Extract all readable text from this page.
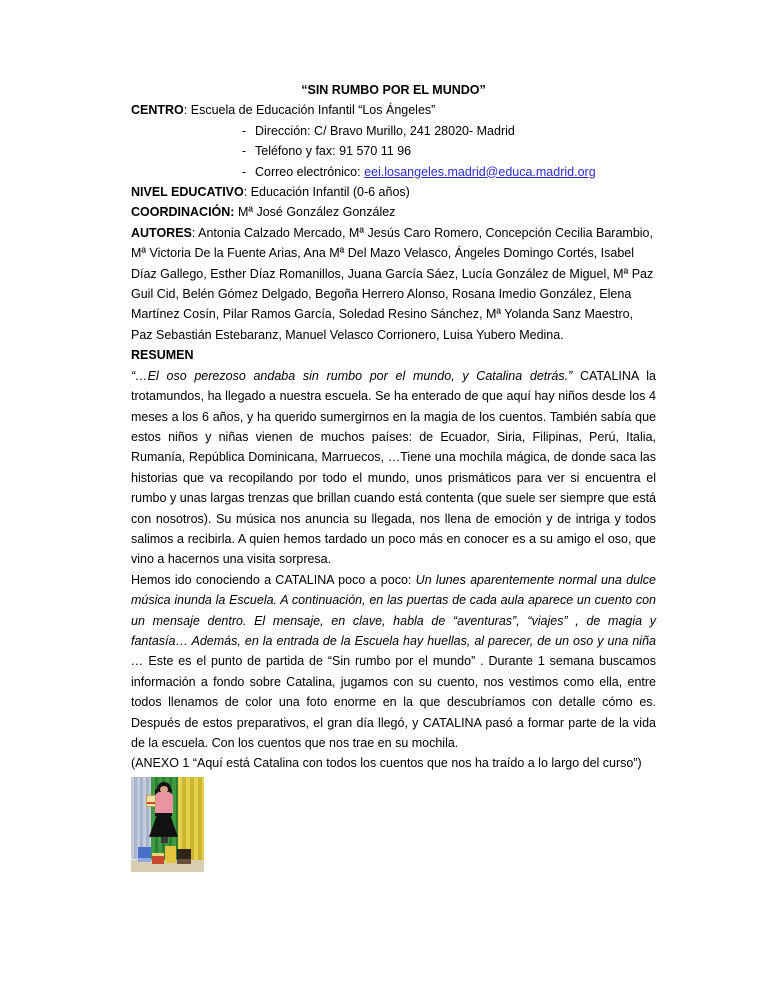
“SIN RUMBO POR EL MUNDO”

CENTRO: Escuela de Educación Infantil “Los Ángeles”

- Dirección: C/ Bravo Murillo, 241 28020- Madrid
- Teléfono y fax: 91 570 11 96
- Correo electrónico: eei.losangeles.madrid@educa.madrid.org

NIVEL EDUCATIVO: Educación Infantil (0-6 años)

COORDINACIÓN: Mª José González González

AUTORES: Antonia Calzado Mercado, Mª Jesús Caro Romero, Concepción Cecilia Barambio, Mª Victoria De la Fuente Arias, Ana Mª Del Mazo Velasco, Ángeles Domingo Cortés, Isabel Díaz Gallego, Esther Díaz Romanillos, Juana García Sáez, Lucía González de Miguel, Mª Paz Guil Cid, Belén Gómez Delgado, Begoña Herrero Alonso, Rosana Imedio González, Elena Martínez Cosín, Pilar Ramos García, Soledad Resino Sánchez, Mª Yolanda Sanz Maestro, Paz Sebastián Estebaranz, Manuel Velasco Corrionero, Luisa Yubero Medina.

RESUMEN

“…El oso perezoso andaba sin rumbo por el mundo, y Catalina detrás.” CATALINA la trotamundos, ha llegado a nuestra escuela. Se ha enterado de que aquí hay niños desde los 4 meses a los 6 años, y ha querido sumergirnos en la magia de los cuentos. También sabía que estos niños y niñas vienen de muchos países: de Ecuador, Siria, Filipinas, Perú, Italia, Rumanía, República Dominicana, Marruecos, …Tiene una mochila mágica, de donde saca las historias que va recopilando por todo el mundo, unos prismáticos para ver si encuentra el rumbo y unas largas trenzas que brillan cuando está contenta (que suele ser siempre que está con nosotros). Su música nos anuncia su llegada, nos llena de emoción y de intriga y todos salimos a recibirla. A quien hemos tardado un poco más en conocer es a su amigo el oso, que vino a hacernos una visita sorpresa.

Hemos ido conociendo a CATALINA poco a poco: Un lunes aparentemente normal una dulce música inunda la Escuela. A continuación, en las puertas de cada aula aparece un cuento con un mensaje dentro. El mensaje, en clave, habla de “aventuras”, “viajes” , de magia y fantasía… Además, en la entrada de la Escuela hay huellas, al parecer, de un oso y una niña … Este es el punto de partida de “Sin rumbo por el mundo” . Durante 1 semana buscamos información a fondo sobre Catalina, jugamos con su cuento, nos vestimos como ella, entre todos llenamos de color una foto enorme en la que descubríamos con detalle cómo es. Después de estos preparativos, el gran día llegó, y CATALINA pasó a formar parte de la vida de la escuela. Con los cuentos que nos trae en su mochila.

(ANEXO 1 “Aquí está Catalina con todos los cuentos que nos ha traído a lo largo del curso”)
